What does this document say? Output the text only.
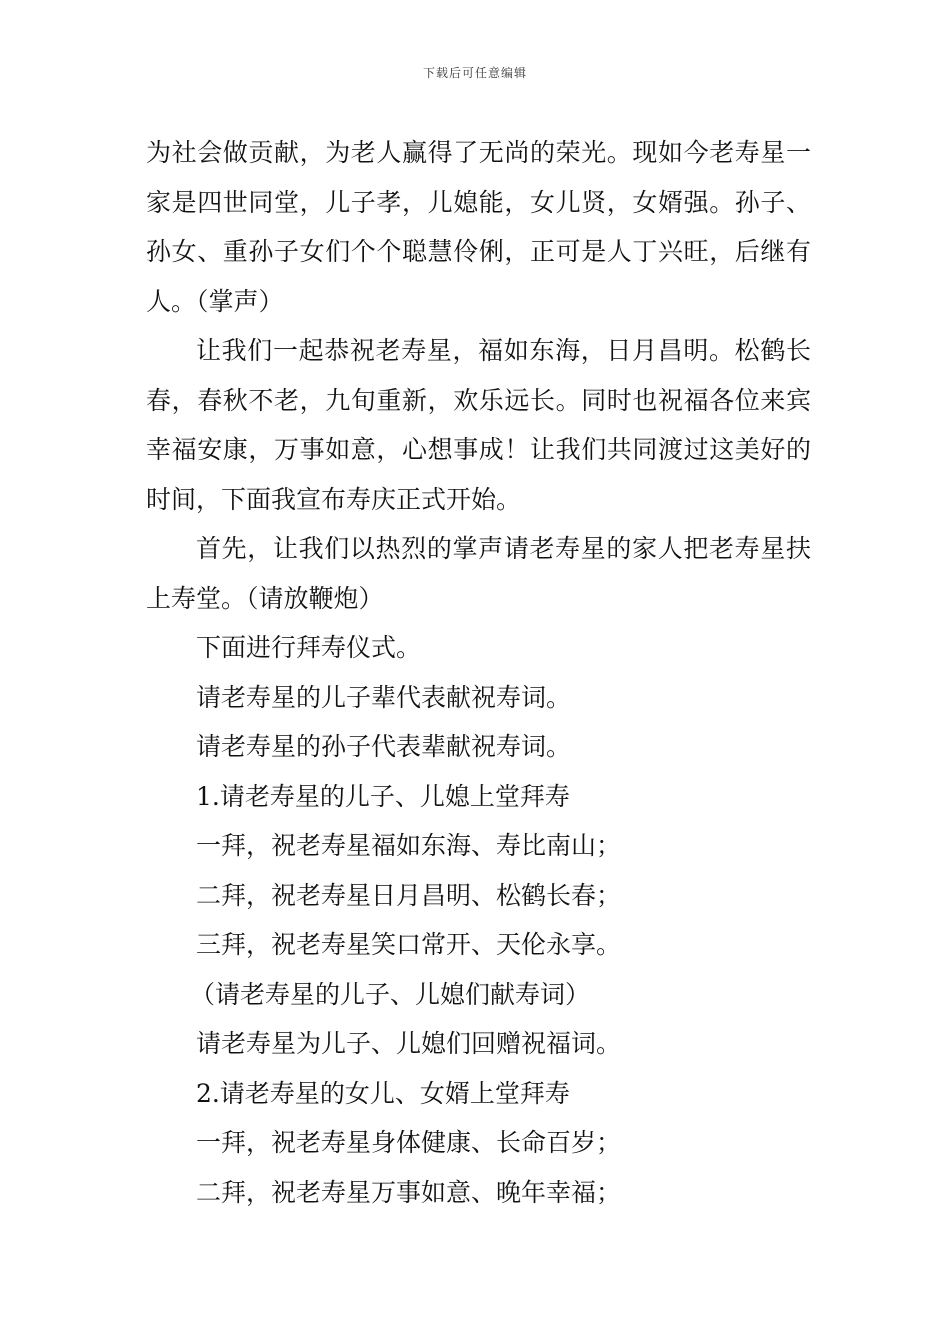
下载后可任意编辑

为社会做贡献，为老人赢得了无尚的荣光。现如今老寿星一家是四世同堂，儿子孝，儿媳能，女儿贤，女婿强。孙子、孙女、重孙子女们个个聪慧伶俐，正可是人丁兴旺，后继有人。（掌声）

让我们一起恭祝老寿星，福如东海，日月昌明。松鹤长春，春秋不老，九旬重新，欢乐远长。同时也祝福各位来宾幸福安康，万事如意，心想事成！让我们共同渡过这美好的时间，下面我宣布寿庆正式开始。

首先，让我们以热烈的掌声请老寿星的家人把老寿星扶上寿堂。（请放鞭炮）

下面进行拜寿仪式。

请老寿星的儿子辈代表献祝寿词。

请老寿星的孙子代表辈献祝寿词。

1.请老寿星的儿子、儿媳上堂拜寿

一拜，祝老寿星福如东海、寿比南山；

二拜，祝老寿星日月昌明、松鹤长春；

三拜，祝老寿星笑口常开、天伦永享。

（请老寿星的儿子、儿媳们献寿词）

请老寿星为儿子、儿媳们回赠祝福词。

2.请老寿星的女儿、女婿上堂拜寿

一拜，祝老寿星身体健康、长命百岁；

二拜，祝老寿星万事如意、晚年幸福；
